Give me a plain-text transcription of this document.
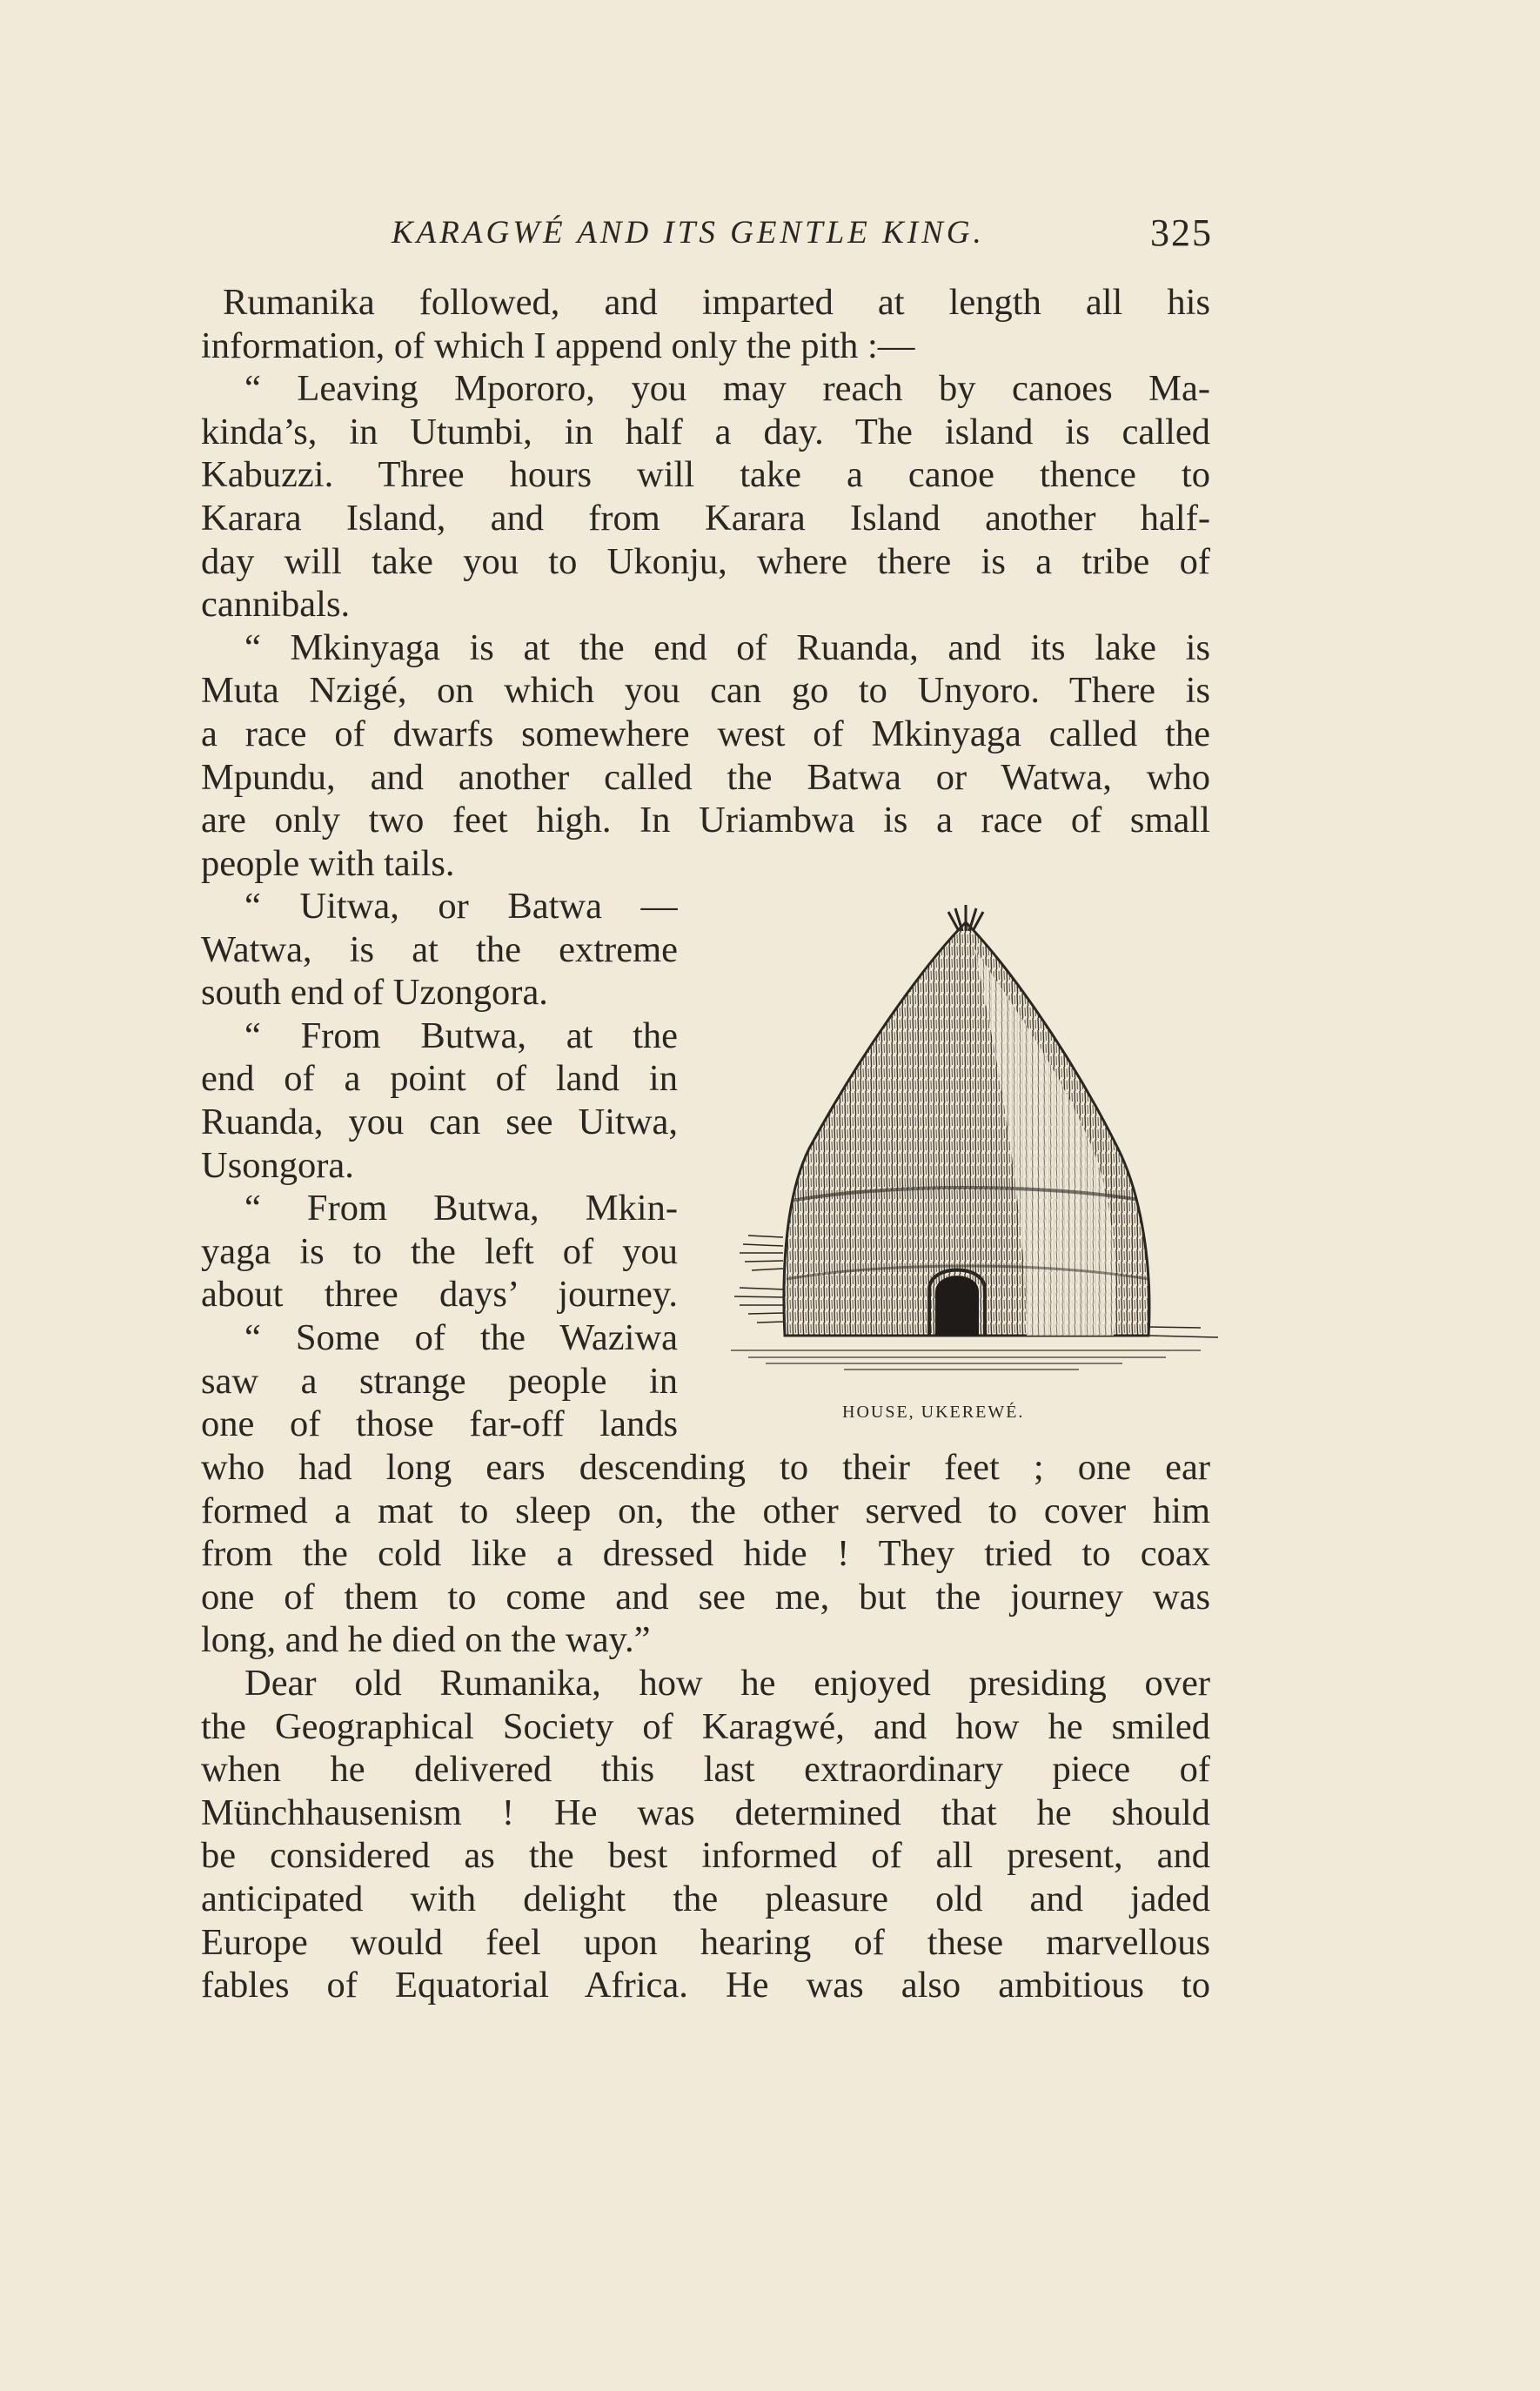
KARAGWÉ AND ITS GENTLE KING.	325
Rumanika followed, and imparted at length all his
information, of which I append only the pith :—
“ Leaving Mpororo, you may reach by canoes Ma-
kinda’s, in Utumbi, in half a day. The island is called
Kabuzzi. Three hours will take a canoe thence to
Karara Island, and from Karara Island another half-
day will take you to Ukonju, where there is a tribe of
cannibals.
“ Mkinyaga is at the end of Ruanda, and its lake is
Muta Nzigé, on which you can go to Unyoro. There is
a race of dwarfs somewhere west of Mkinyaga called the
Mpundu, and another called the Batwa or Watwa, who
are only two feet high. In Uriambwa is a race of small
people with tails.
“ Uitwa, or Batwa —
Watwa, is at the extreme
south end of Uzongora.
“ From Butwa, at the
end of a point of land in
Ruanda, you can see Uitwa,
Usongora.
“ From Butwa, Mkin-
yaga is to the left of you
about three days’ journey.
“ Some of the Waziwa
saw a strange people in
one of those far-off lands	HOUSE, UKEREWÉ.
who had long ears descending to their feet ; one ear
formed a mat to sleep on, the other served to cover him
from the cold like a dressed hide ! They tried to coax
one of them to come and see me, but the journey was
long, and he died on the way.”
Dear old Rumanika, how he enjoyed presiding over
the Geographical Society of Karagwé, and how he smiled
when he delivered this last extraordinary piece of
Münchhausenism ! He was determined that he should
be considered as the best informed of all present, and
anticipated with delight the pleasure old and jaded
Europe would feel upon hearing of these marvellous
fables of Equatorial Africa. He was also ambitious to
